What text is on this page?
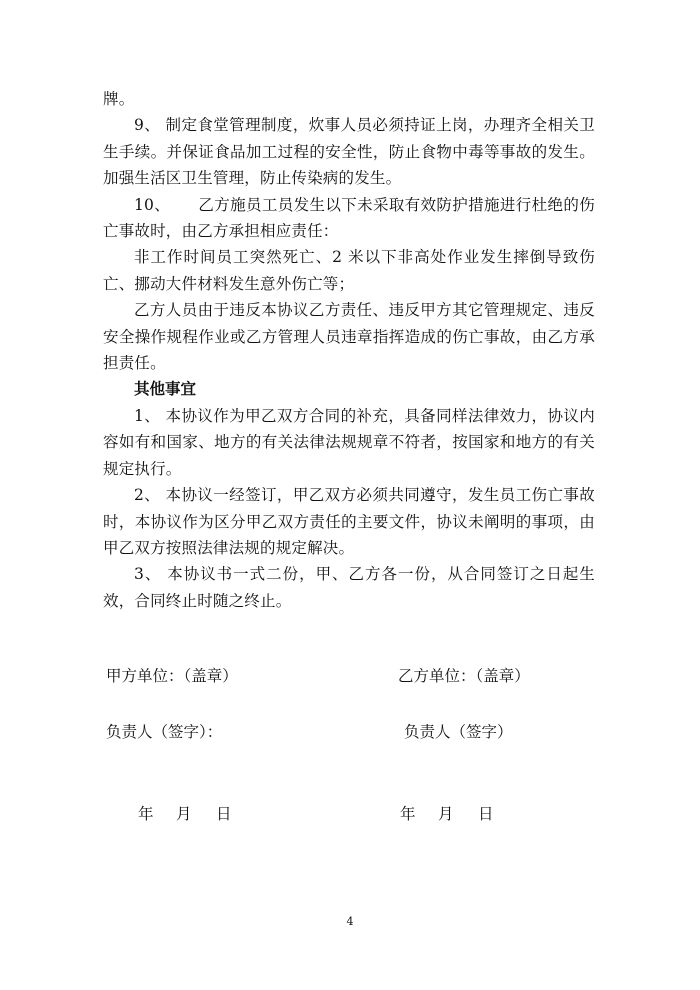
牌。

9、 制定食堂管理制度，炊事人员必须持证上岗，办理齐全相关卫生手续。并保证食品加工过程的安全性，防止食物中毒等事故的发生。加强生活区卫生管理，防止传染病的发生。

10、 乙方施员工员发生以下未采取有效防护措施进行杜绝的伤亡事故时，由乙方承担相应责任：

非工作时间员工突然死亡、2 米以下非高处作业发生摔倒导致伤亡、挪动大件材料发生意外伤亡等；

乙方人员由于违反本协议乙方责任、违反甲方其它管理规定、违反安全操作规程作业或乙方管理人员违章指挥造成的伤亡事故，由乙方承担责任。

其他事宜

1、 本协议作为甲乙双方合同的补充，具备同样法律效力，协议内容如有和国家、地方的有关法律法规规章不符者，按国家和地方的有关规定执行。

2、 本协议一经签订，甲乙双方必须共同遵守，发生员工伤亡事故时，本协议作为区分甲乙双方责任的主要文件，协议未阐明的事项，由甲乙双方按照法律法规的规定解决。

3、 本协议书一式二份，甲、乙方各一份，从合同签订之日起生效，合同终止时随之终止。

甲方单位：（盖章）	乙方单位：（盖章）
负责人（签字）：	负责人（签字）
年	月	日	年	月	日
4
